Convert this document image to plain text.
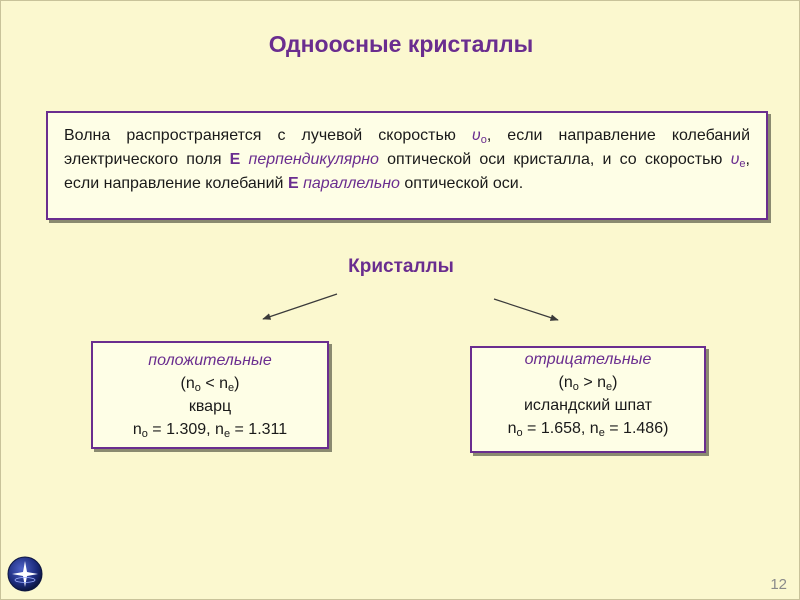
Одноосные кристаллы
Волна распространяется с лучевой скоростью $\upsilon_o$, если направление колебаний электрического поля E перпендикулярно оптической оси кристалла, и со скоростью $\upsilon_e$, если направление колебаний E параллельно оптической оси.
Кристаллы
положительные
$(n_o < n_e)$
кварц
$n_o = 1.309$, $n_e = 1.311$
отрицательные
$(n_o > n_e)$
исландский шпат
$n_o = 1.658$, $n_e = 1.486$)
12
